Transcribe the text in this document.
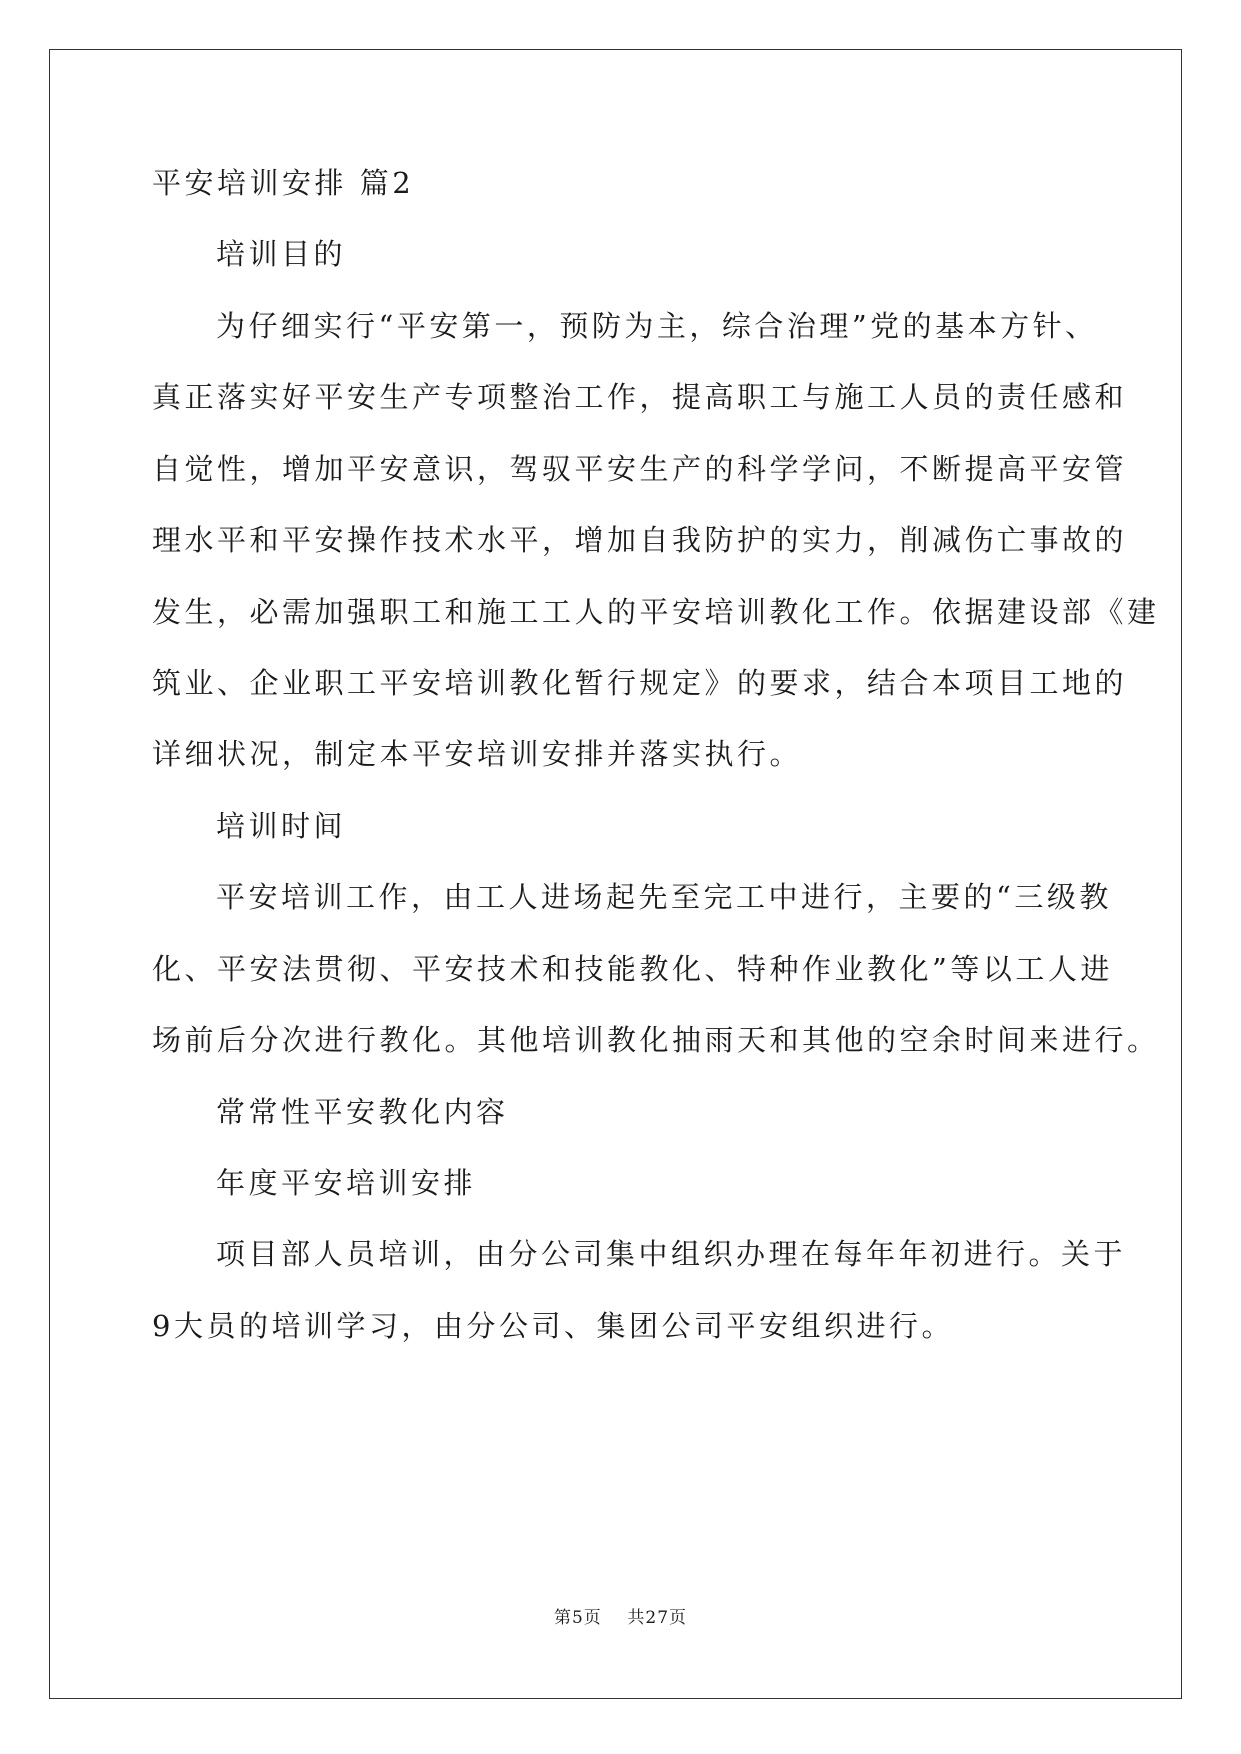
平安培训安排 篇2

培训目的

为仔细实行“平安第一，预防为主，综合治理”党的基本方针、

真正落实好平安生产专项整治工作，提高职工与施工人员的责任感和

自觉性，增加平安意识，驾驭平安生产的科学学问，不断提高平安管

理水平和平安操作技术水平，增加自我防护的实力，削减伤亡事故的

发生，必需加强职工和施工工人的平安培训教化工作。依据建设部《建

筑业、企业职工平安培训教化暂行规定》的要求，结合本项目工地的

详细状况，制定本平安培训安排并落实执行。

培训时间

平安培训工作，由工人进场起先至完工中进行，主要的“三级教

化、平安法贯彻、平安技术和技能教化、特种作业教化”等以工人进

场前后分次进行教化。其他培训教化抽雨天和其他的空余时间来进行。

常常性平安教化内容

年度平安培训安排

项目部人员培训，由分公司集中组织办理在每年年初进行。关于

9大员的培训学习，由分公司、集团公司平安组织进行。

第5页 共27页
